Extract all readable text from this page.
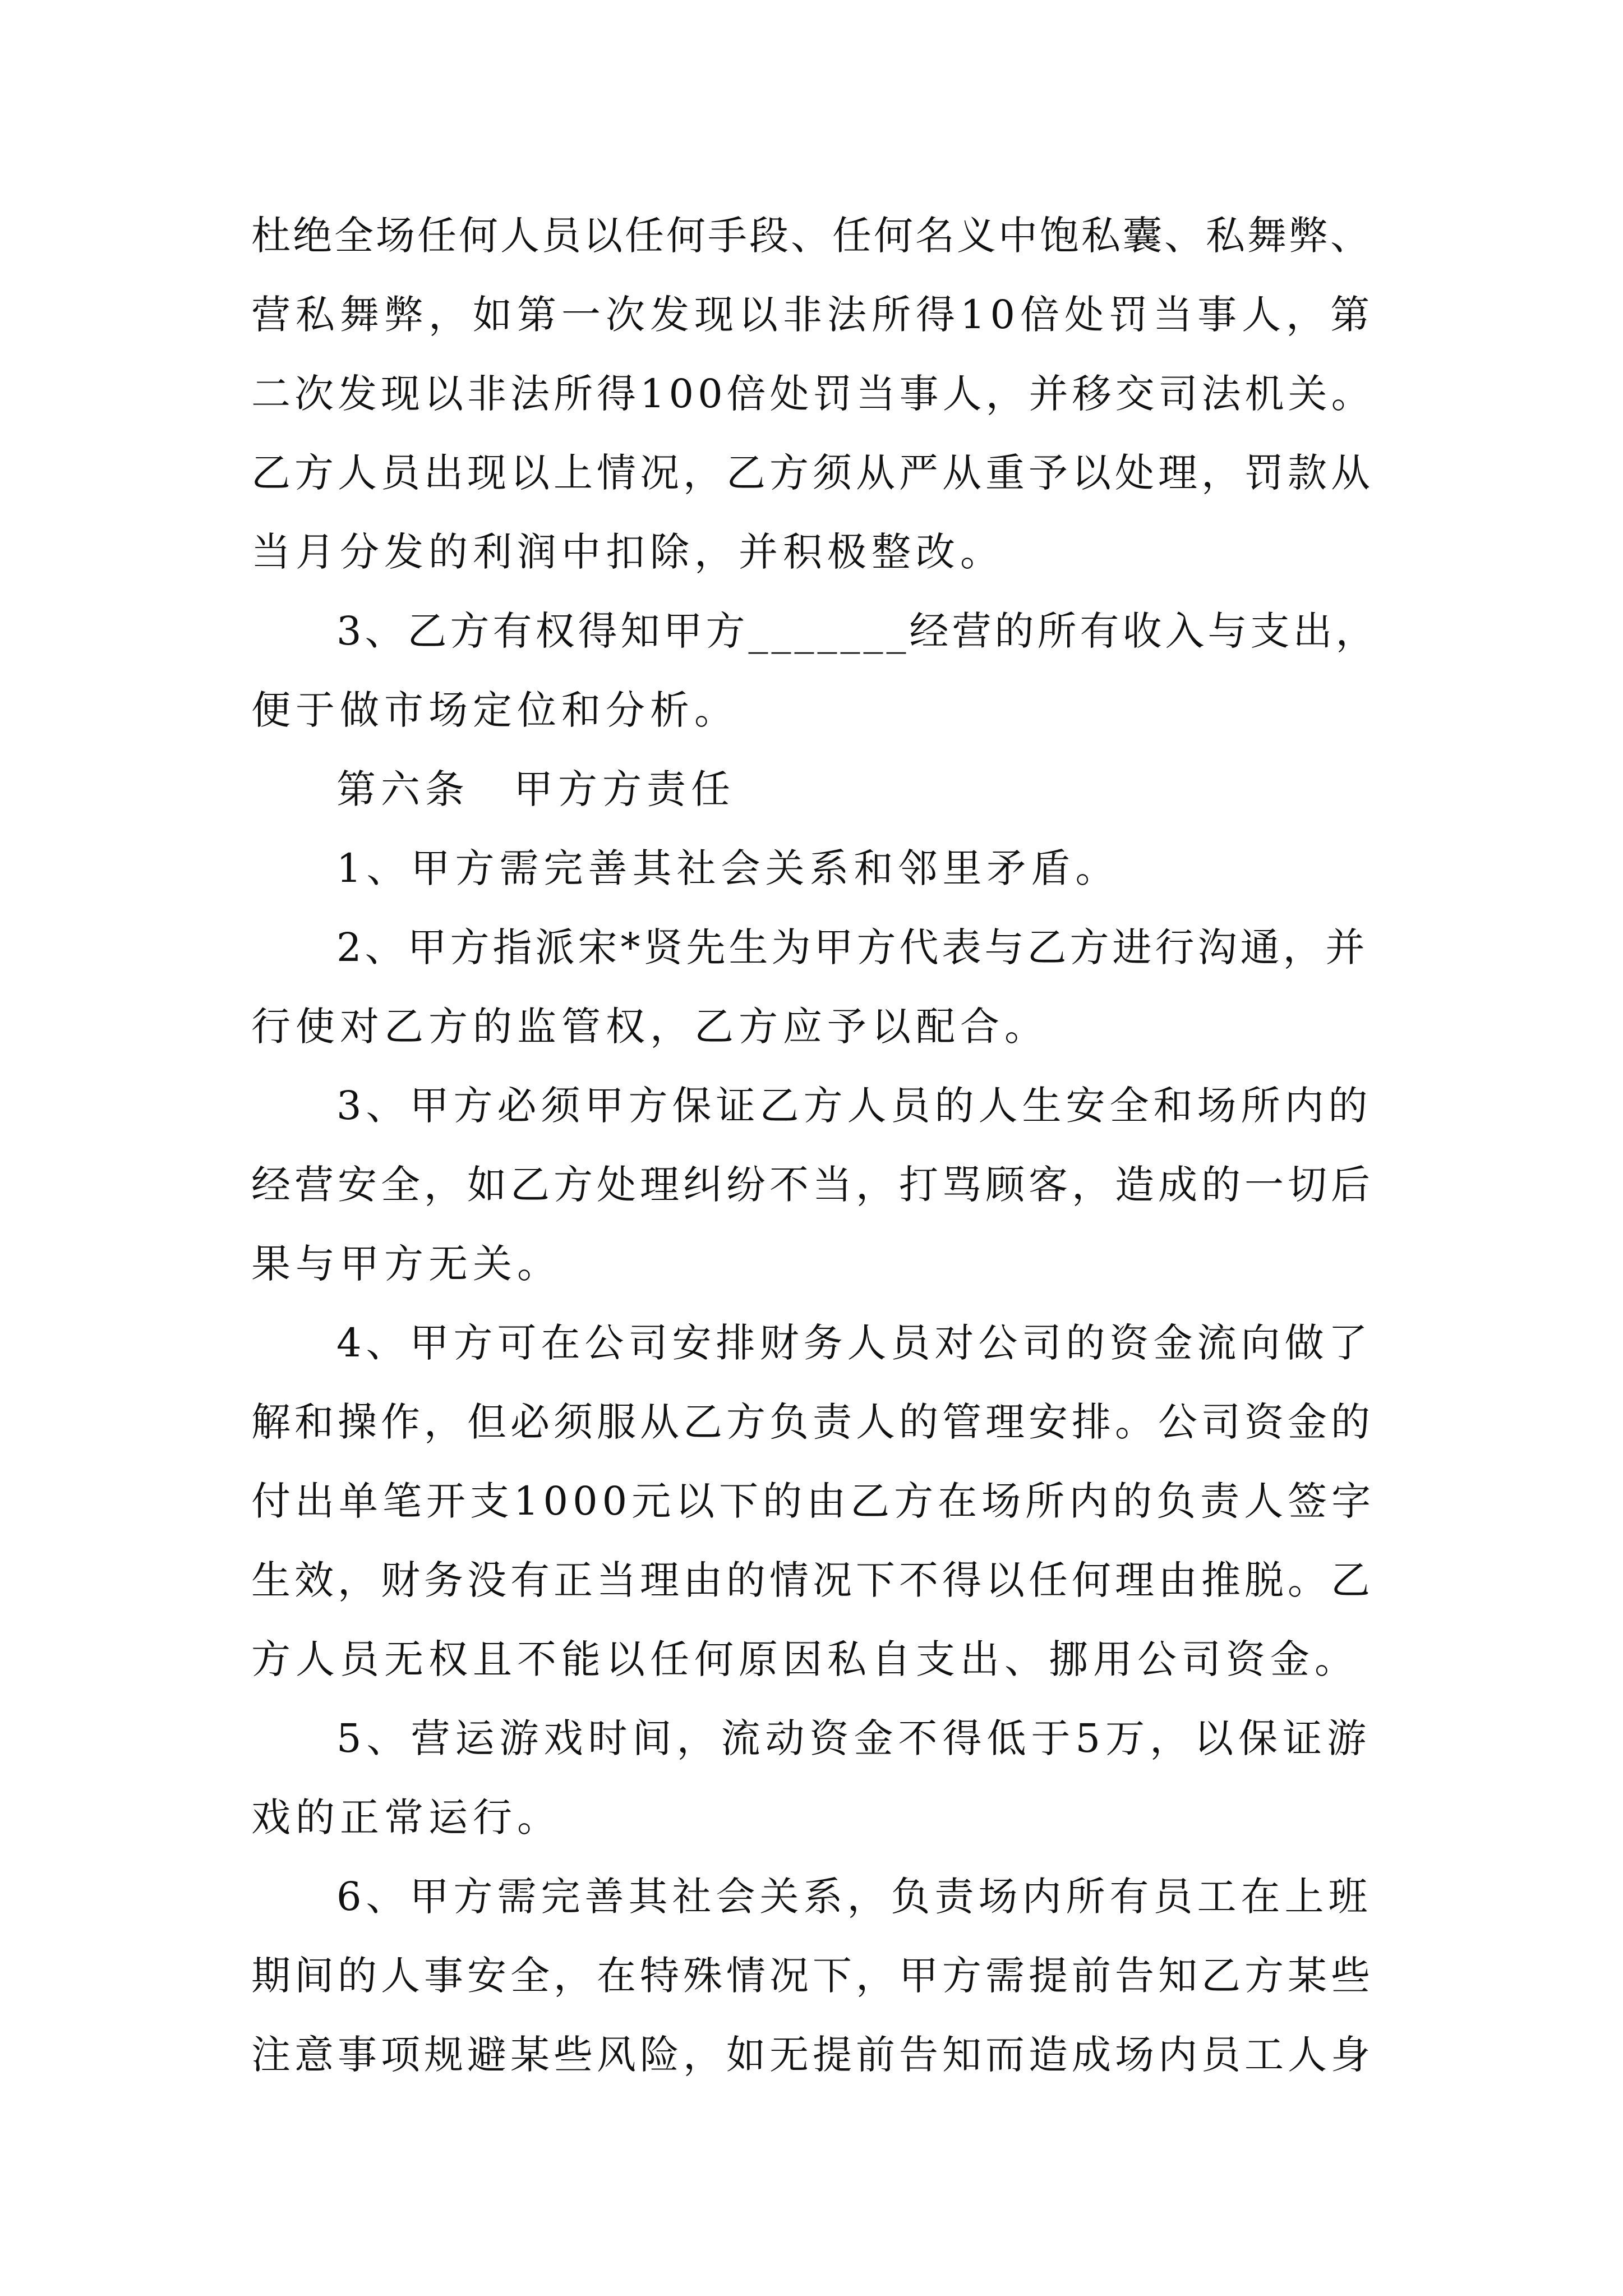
杜绝全场任何人员以任何手段、任何名义中饱私囊、私舞弊、
营私舞弊，如第一次发现以非法所得10倍处罚当事人，第
二次发现以非法所得100倍处罚当事人，并移交司法机关。
乙方人员出现以上情况，乙方须从严从重予以处理，罚款从
当月分发的利润中扣除，并积极整改。
3、乙方有权得知甲方_______经营的所有收入与支出，
便于做市场定位和分析。
第六条　甲方方责任
1、甲方需完善其社会关系和邻里矛盾。
2、甲方指派宋*贤先生为甲方代表与乙方进行沟通，并
行使对乙方的监管权，乙方应予以配合。
3、甲方必须甲方保证乙方人员的人生安全和场所内的
经营安全，如乙方处理纠纷不当，打骂顾客，造成的一切后
果与甲方无关。
4、甲方可在公司安排财务人员对公司的资金流向做了
解和操作，但必须服从乙方负责人的管理安排。公司资金的
付出单笔开支1000元以下的由乙方在场所内的负责人签字
生效，财务没有正当理由的情况下不得以任何理由推脱。乙
方人员无权且不能以任何原因私自支出、挪用公司资金。
5、营运游戏时间，流动资金不得低于5万，以保证游
戏的正常运行。
6、甲方需完善其社会关系，负责场内所有员工在上班
期间的人事安全，在特殊情况下，甲方需提前告知乙方某些
注意事项规避某些风险，如无提前告知而造成场内员工人身
